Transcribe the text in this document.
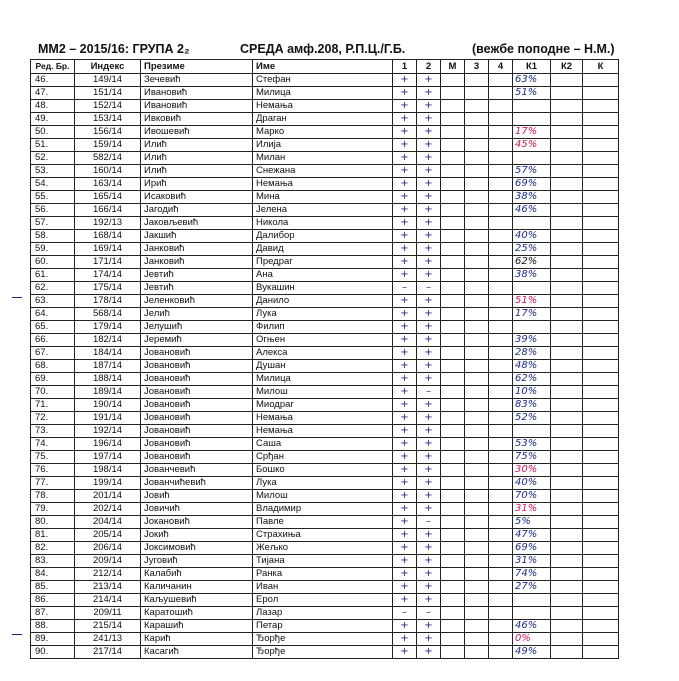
ММ2 – 2015/16: ГРУПА 2₂	СРЕДА амф.208, Р.П.Ц./Г.Б.	(вежбе поподне – Н.М.)
Ред. Бр.	Индекс	Презиме	Име	1	2	М	3	4	К1	К2	К
46.	149/14	Зечевић	Стефан	+	+				63%		
47.	151/14	Ивановић	Милица	+	+				51%		
48.	152/14	Ивановић	Немања	+	+						
49.	153/14	Ивковић	Драган	+	+						
50.	156/14	Ивошевић	Марко	+	+				17%		
51.	159/14	Илић	Илија	+	+				45%		
52.	582/14	Илић	Милан	+	+						
53.	160/14	Илић	Снежана	+	+				57%		
54.	163/14	Ирић	Немања	+	+				69%		
55.	165/14	Исаковић	Мина	+	+				38%		
56.	166/14	Јагодић	Јелена	+	+				46%		
57.	192/13	Јаковљевић	Никола	+	+						
58.	168/14	Јакшић	Далибор	+	+				40%		
59.	169/14	Јанковић	Давид	+	+				25%		
60.	171/14	Јанковић	Предраг	+	+				62%		
61.	174/14	Јевтић	Ана	+	+				38%		
62.	175/14	Јевтић	Вукашин	–	–						
63.	178/14	Јеленковић	Данило	+	+				51%		
64.	568/14	Јелић	Лука	+	+				17%		
65.	179/14	Јелушић	Филип	+	+						
66.	182/14	Јеремић	Огњен	+	+				39%		
67.	184/14	Јовановић	Алекса	+	+				28%		
68.	187/14	Јовановић	Душан	+	+				48%		
69.	188/14	Јовановић	Милица	+	+				62%		
70.	189/14	Јовановић	Милош	+	–				10%		
71.	190/14	Јовановић	Миодраг	+	+				83%		
72.	191/14	Јовановић	Немања	+	+				52%		
73.	192/14	Јовановић	Немања	+	+						
74.	196/14	Јовановић	Саша	+	+				53%		
75.	197/14	Јовановић	Срђан	+	+				75%		
76.	198/14	Јованчевић	Бошко	+	+				30%		
77.	199/14	Јованчићевић	Лука	+	+				40%		
78.	201/14	Јовић	Милош	+	+				70%		
79.	202/14	Јовичић	Владимир	+	+				31%		
80.	204/14	Јокановић	Павле	+	–				5%		
81.	205/14	Јокић	Страхиња	+	+				47%		
82.	206/14	Јоксимовић	Жељко	+	+				69%		
83.	209/14	Југовић	Тијана	+	+				31%		
84.	212/14	Калабић	Ранка	+	+				74%		
85.	213/14	Каличанин	Иван	+	+				27%		
86.	214/14	Каљушевић	Ерол	+	+						
87.	209/11	Каратошић	Лазар	–	–						
88.	215/14	Карашић	Петар	+	+				46%		
89.	241/13	Карић	Ђорђе	+	+				0%		
90.	217/14	Касагић	Ђорђе	+	+				49%		
